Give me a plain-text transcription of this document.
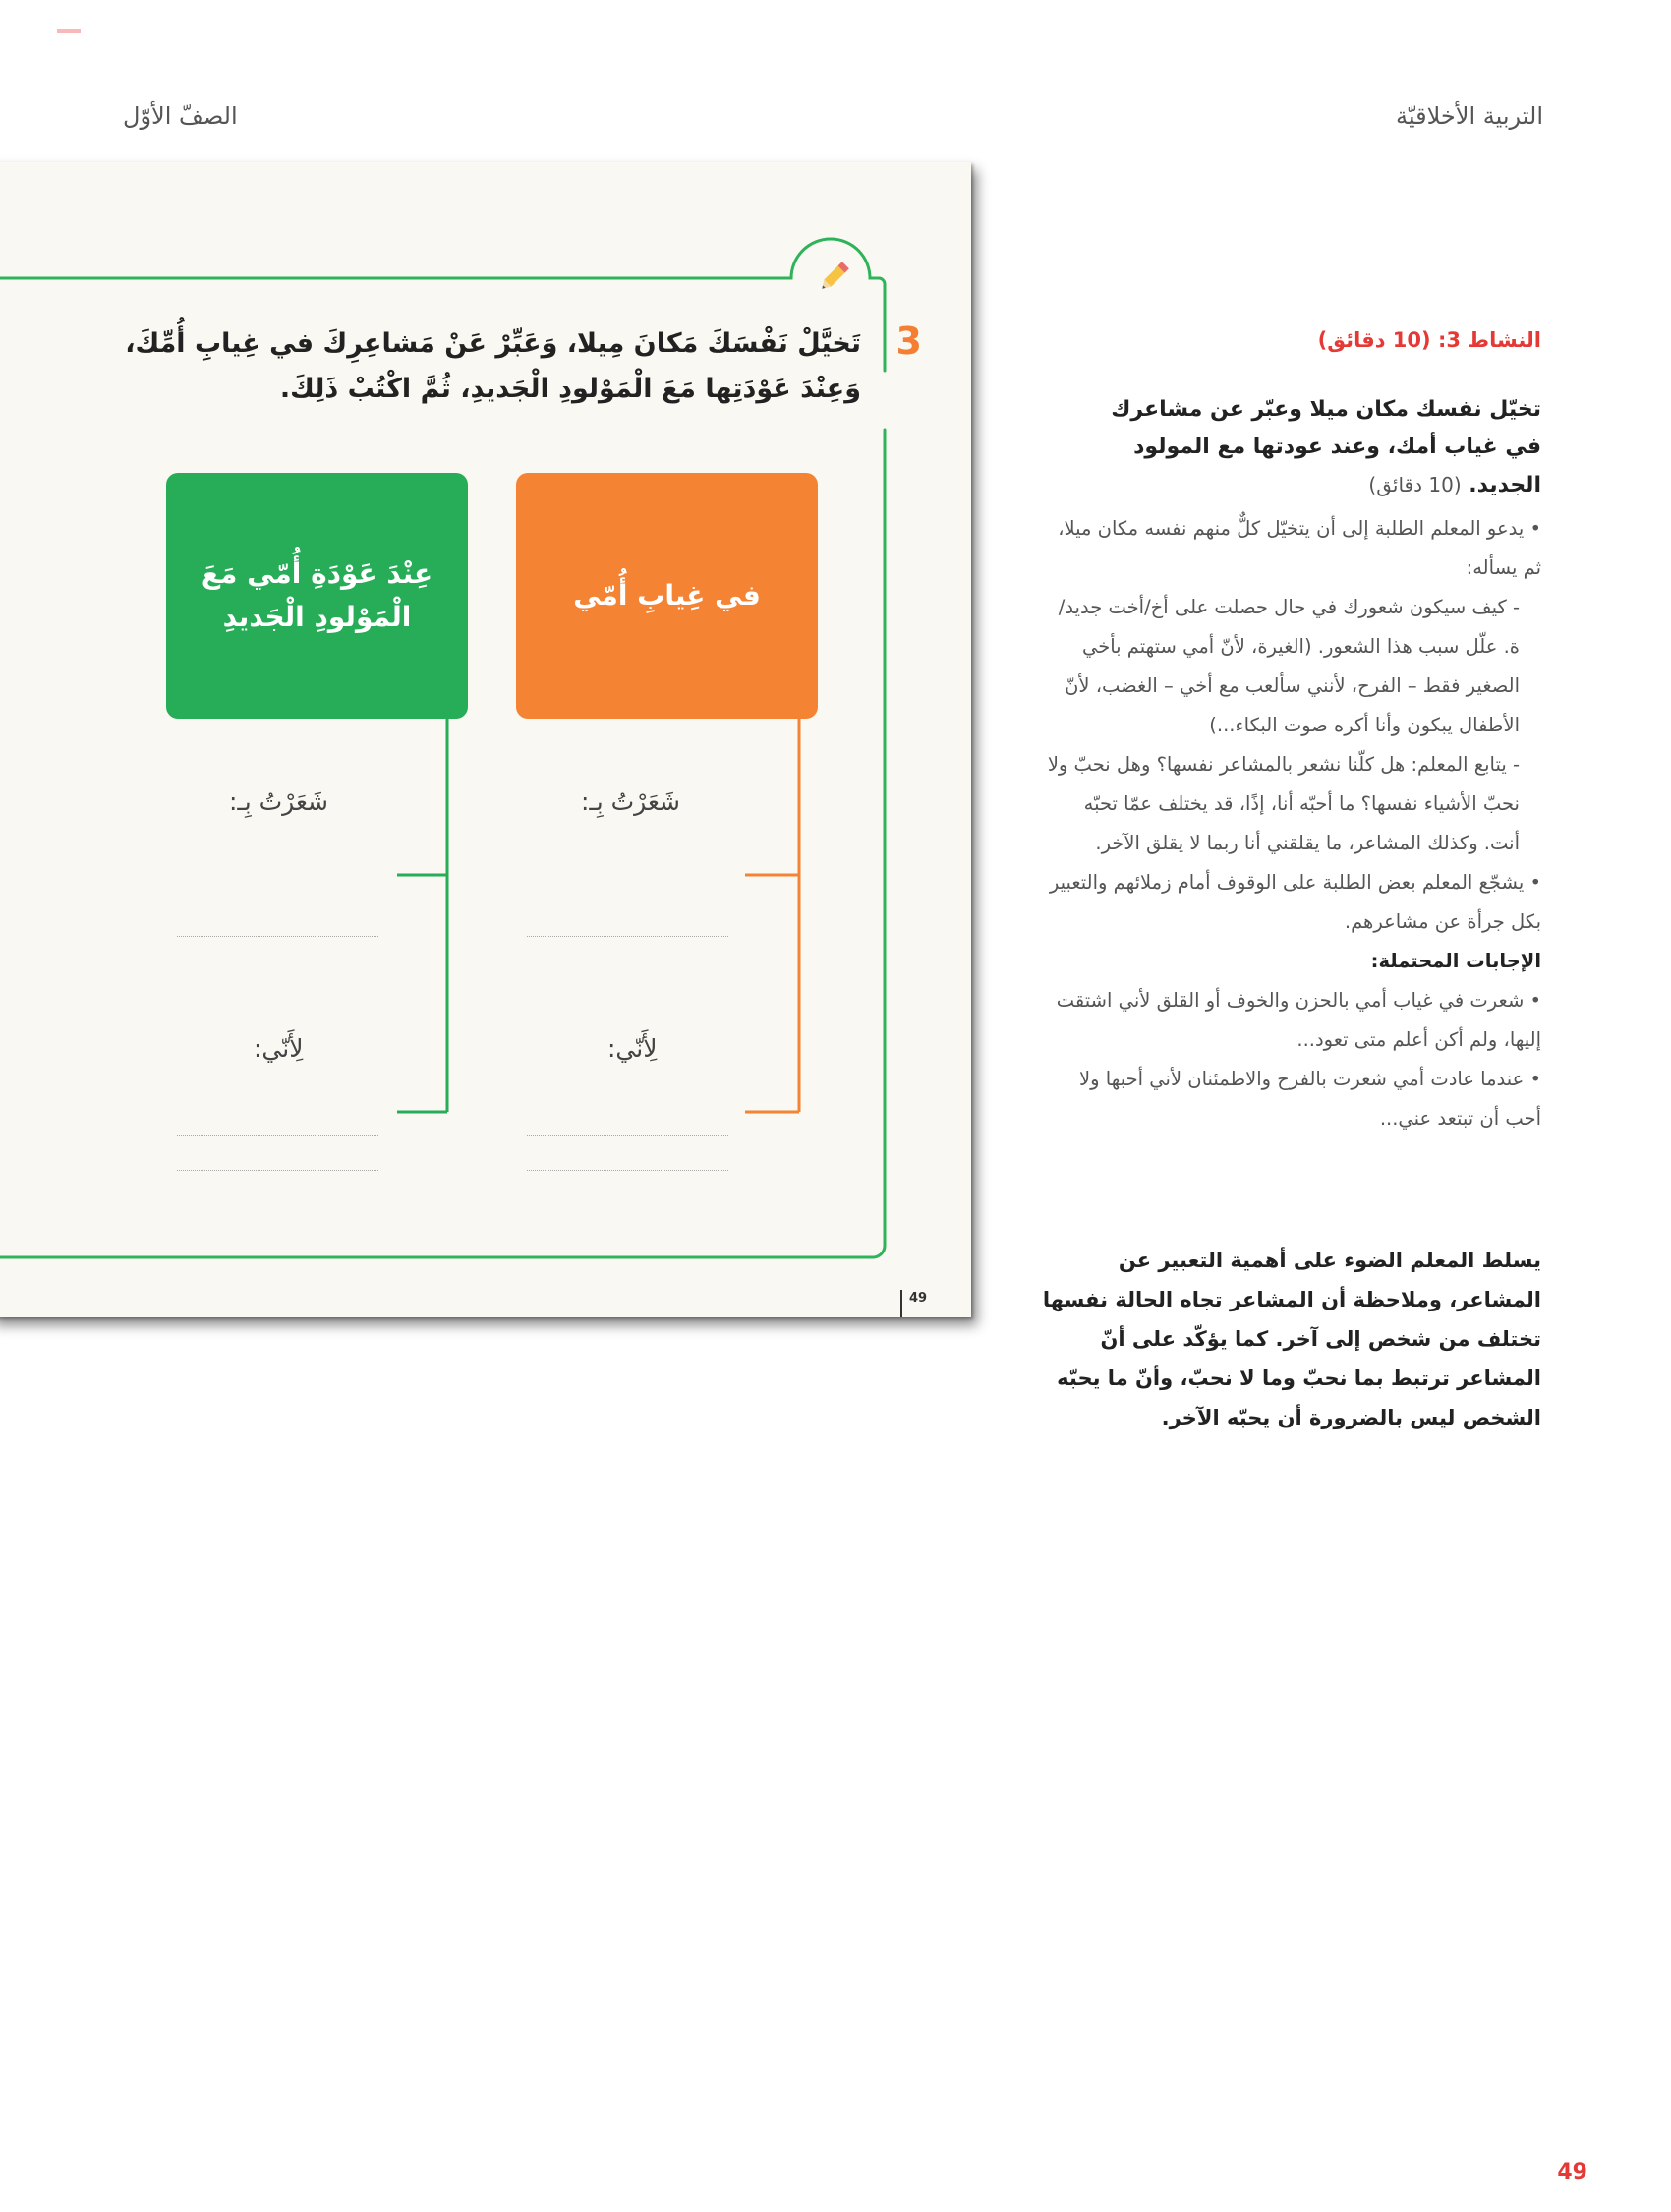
التربية الأخلاقيّة
الصفّ الأوّل
3
تَخيَّلْ نَفْسَكَ مَكانَ مِيلا، وَعَبِّرْ عَنْ مَشاعِرِكَ في غِيابِ أُمِّكَ، وَعِنْدَ عَوْدَتِها مَعَ الْمَوْلودِ الْجَديدِ، ثُمَّ اكْتُبْ ذَلِكَ.
في غِيابِ أُمّي
عِنْدَ عَوْدَةِ أُمّي مَعَ الْمَوْلودِ الْجَديدِ
شَعَرْتُ بِـ:
لِأَنّي:
شَعَرْتُ بِـ:
لِأَنّي:
49
النشاط 3: (10 دقائق)
تخيّل نفسك مكان ميلا وعبّر عن مشاعرك في غياب أمك، وعند عودتها مع المولود الجديد. (10 دقائق)

• يدعو المعلم الطلبة إلى أن يتخيّل كلٌّ منهم نفسه مكان ميلا، ثم يسأله:

- كيف سيكون شعورك في حال حصلت على أخ/أخت جديد/ة. علّل سبب هذا الشعور. (الغيرة، لأنّ أمي ستهتم بأخي الصغير فقط – الفرح، لأنني سألعب مع أخي – الغضب، لأنّ الأطفال يبكون وأنا أكره صوت البكاء...)

- يتابع المعلم: هل كلّنا نشعر بالمشاعر نفسها؟ وهل نحبّ ولا نحبّ الأشياء نفسها؟ ما أحبّه أنا، إذًا، قد يختلف عمّا تحبّه أنت. وكذلك المشاعر، ما يقلقني أنا ربما لا يقلق الآخر.

• يشجّع المعلم بعض الطلبة على الوقوف أمام زملائهم والتعبير بكل جرأة عن مشاعرهم.

الإجابات المحتملة:

• شعرت في غياب أمي بالحزن والخوف أو القلق لأني اشتقت إليها، ولم أكن أعلم متى تعود...

• عندما عادت أمي شعرت بالفرح والاطمئنان لأني أحبها ولا أحب أن تبتعد عني...

يسلط المعلم الضوء على أهمية التعبير عن المشاعر، وملاحظة أن المشاعر تجاه الحالة نفسها تختلف من شخص إلى آخر. كما يؤكّد على أنّ المشاعر ترتبط بما نحبّ وما لا نحبّ، وأنّ ما يحبّه الشخص ليس بالضرورة أن يحبّه الآخر.
49
